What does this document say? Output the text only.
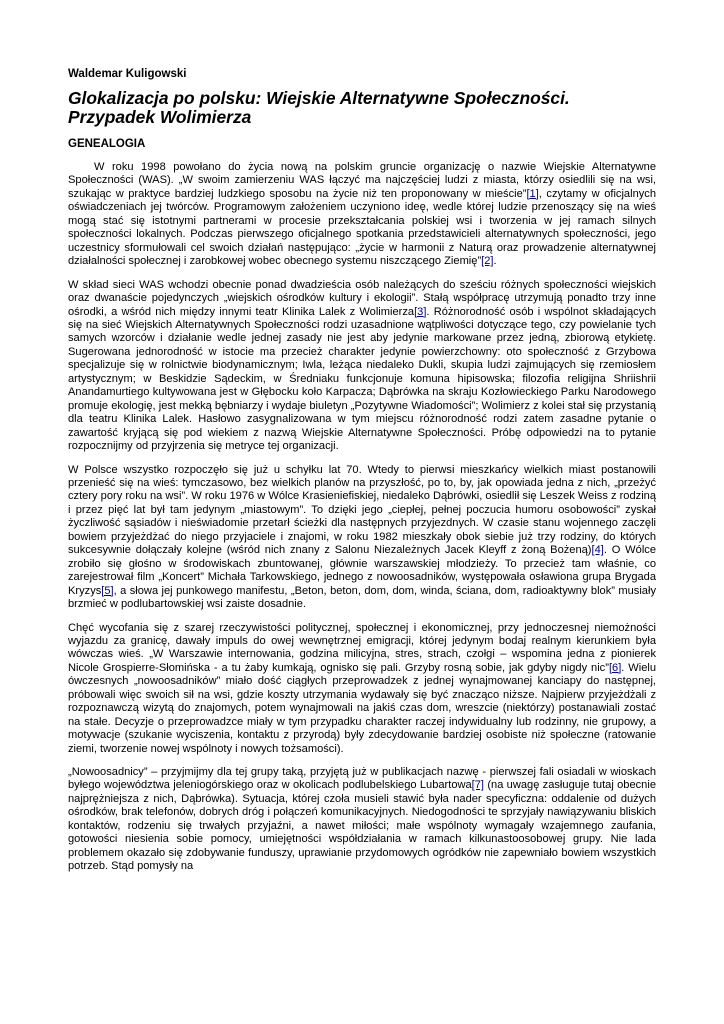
Waldemar Kuligowski
Glokalizacja po polsku: Wiejskie Alternatywne Społeczności. Przypadek Wolimierza
GENEALOGIA

W roku 1998 powołano do życia nową na polskim gruncie organizację o nazwie Wiejskie Alternatywne Społeczności (WAS). „W swoim zamierzeniu WAS łączyć ma najczęściej ludzi z miasta, którzy osiedlili się na wsi, szukając w praktyce bardziej ludzkiego sposobu na życie niż ten proponowany w mieście”[1], czytamy w oficjalnych oświadczeniach jej twórców. Programowym założeniem uczyniono ideę, wedle której ludzie przenoszący się na wieś mogą stać się istotnymi partnerami w procesie przekształcania polskiej wsi i tworzenia w jej ramach silnych społeczności lokalnych. Podczas pierwszego oficjalnego spotkania przedstawicieli alternatywnych społeczności, jego uczestnicy sformułowali cel swoich działań następująco: „życie w harmonii z Naturą oraz prowadzenie alternatywnej działalności społecznej i zarobkowej wobec obecnego systemu niszczącego Ziemię”[2].

W skład sieci WAS wchodzi obecnie ponad dwadzieścia osób należących do sześciu różnych społeczności wiejskich oraz dwanaście pojedynczych „wiejskich ośrodków kultury i ekologii”. Stałą współpracę utrzymują ponadto trzy inne ośrodki, a wśród nich między innymi teatr Klinika Lalek z Wolimierza[3]. Różnorodność osób i wspólnot składających się na sieć Wiejskich Alternatywnych Społeczności rodzi uzasadnione wątpliwości dotyczące tego, czy powielanie tych samych wzorców i działanie wedle jednej zasady nie jest aby jedynie markowane przez jedną, zbiorową etykietę. Sugerowana jednorodność w istocie ma przecież charakter jedynie powierzchowny: oto społeczność z Grzybowa specjalizuje się w rolnictwie biodynamicznym; Iwla, leżąca niedaleko Dukli, skupia ludzi zajmujących się rzemiosłem artystycznym; w Beskidzie Sądeckim, w Średniaku funkcjonuje komuna hipisowska; filozofia religijna Shriishrii Anandamurtiego kultywowana jest w Głębocku koło Karpacza; Dąbrówka na skraju Kozłowieckiego Parku Narodowego promuje ekologię, jest mekką bębniarzy i wydaje biuletyn „Pozytywne Wiadomości”; Wolimierz z kolei stał się przystanią dla teatru Klinika Lalek. Hasłowo zasygnalizowana w tym miejscu różnorodność rodzi zatem zasadne pytanie o zawartość kryjącą się pod wiekiem z nazwą Wiejskie Alternatywne Społeczności. Próbę odpowiedzi na to pytanie rozpocznijmy od przyjrzenia się metryce tej organizacji.

W Polsce wszystko rozpoczęło się już u schyłku lat 70. Wtedy to pierwsi mieszkańcy wielkich miast postanowili przenieść się na wieś: tymczasowo, bez wielkich planów na przyszłość, po to, by, jak opowiada jedna z nich, „przeżyć cztery pory roku na wsi”. W roku 1976 w Wólce Krasieniefiskiej, niedaleko Dąbrówki, osiedlił się Leszek Weiss z rodziną i przez pięć lat był tam jedynym „miastowym”. To dzięki jego „ciepłej, pełnej poczucia humoru osobowości” zyskał życzliwość sąsiadów i nieświadomie przetarł ścieżki dla następnych przyjezdnych. W czasie stanu wojennego zaczęli bowiem przyjeżdżać do niego przyjaciele i znajomi, w roku 1982 mieszkały obok siebie już trzy rodziny, do których sukcesywnie dołączały kolejne (wśród nich znany z Salonu Niezależnych Jacek Kleyff z żoną Bożeną)[4]. O Wólce zrobiło się głośno w środowiskach zbuntowanej, głównie warszawskiej młodzieży. To przecież tam właśnie, co zarejestrował film „Koncert” Michała Tarkowskiego, jednego z nowoosadników, występowała osławiona grupa Brygada Kryzys[5], a słowa jej punkowego manifestu, „Beton, beton, dom, dom, winda, ściana, dom, radioaktywny blok” musiały brzmieć w podlubartowskiej wsi zaiste dosadnie.

Chęć wycofania się z szarej rzeczywistości politycznej, społecznej i ekonomicznej, przy jednoczesnej niemożności wyjazdu za granicę, dawały impuls do owej wewnętrznej emigracji, której jedynym bodaj realnym kierunkiem była wówczas wieś. „W Warszawie internowania, godzina milicyjna, stres, strach, czołgi – wspomina jedna z pionierek Nicole Grospierre-Słomińska - a tu żaby kumkają, ognisko się pali. Grzyby rosną sobie, jak gdyby nigdy nic”[6]. Wielu ówczesnych „nowoosadników” miało dość ciągłych przeprowadzek z jednej wynajmowanej kanciapy do następnej, próbowali więc swoich sił na wsi, gdzie koszty utrzymania wydawały się być znacząco niższe. Najpierw przyjeżdżali z rozpoznawczą wizytą do znajomych, potem wynajmowali na jakiś czas dom, wreszcie (niektórzy) postanawiali zostać na stałe. Decyzje o przeprowadzce miały w tym przypadku charakter raczej indywidualny lub rodzinny, nie grupowy, a motywacje (szukanie wyciszenia, kontaktu z przyrodą) były zdecydowanie bardziej osobiste niż społeczne (ratowanie ziemi, tworzenie nowej wspólnoty i nowych tożsamości).

„Nowoosadnicy” – przyjmijmy dla tej grupy taką, przyjętą już w publikacjach nazwę - pierwszej fali osiadali w wioskach byłego województwa jeleniogórskiego oraz w okolicach podlubelskiego Lubartowa[7] (na uwagę zasługuje tutaj obecnie najprężniejsza z nich, Dąbrówka). Sytuacja, której czoła musieli stawić była nader specyficzna: oddalenie od dużych ośrodków, brak telefonów, dobrych dróg i połączeń komunikacyjnych. Niedogodności te sprzyjały nawiązywaniu bliskich kontaktów, rodzeniu się trwałych przyjaźni, a nawet miłości; małe wspólnoty wymagały wzajemnego zaufania, gotowości niesienia sobie pomocy, umiejętności współdziałania w ramach kilkunastoosobowej grupy. Nie lada problemem okazało się zdobywanie funduszy, uprawianie przydomowych ogródków nie zapewniało bowiem wszystkich potrzeb. Stąd pomysły na
